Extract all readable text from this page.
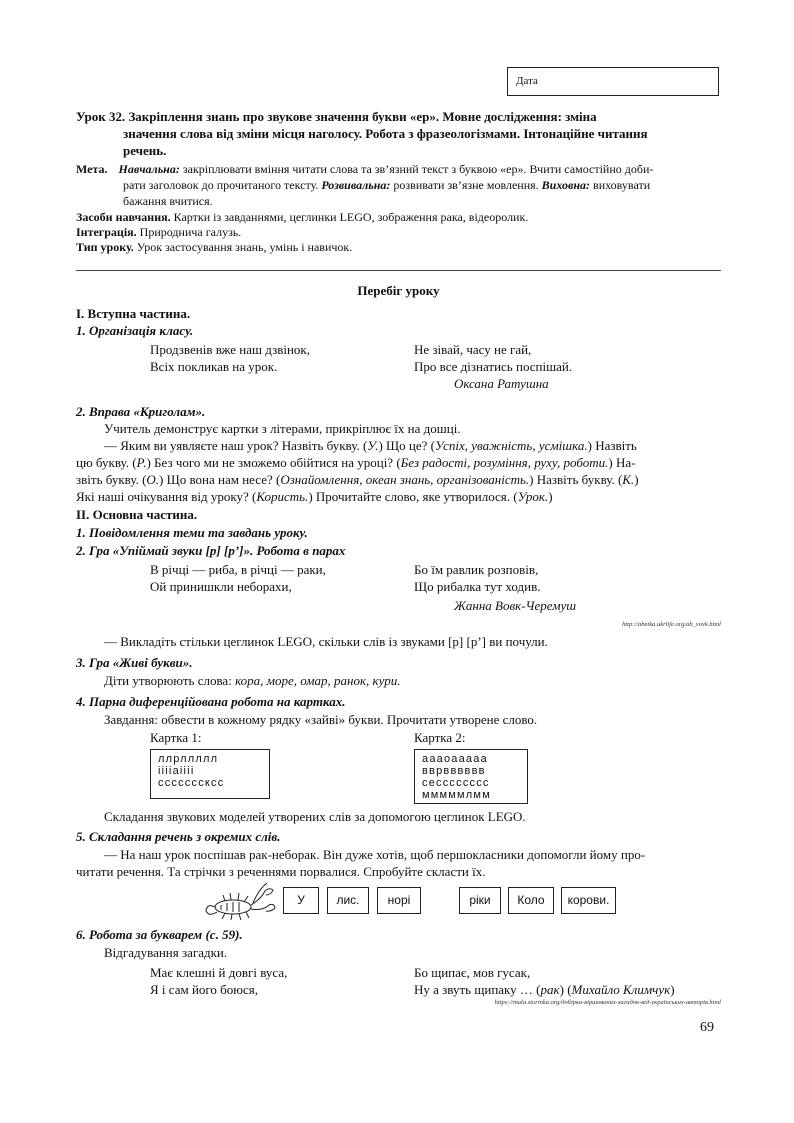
Дата
Урок 32. Закріплення знань про звукове значення букви «ер». Мовне дослідження: зміна
значення слова від зміни місця наголосу. Робота з фразеологізмами. Інтонаційне читання
речень.
Мета. Навчальна: закріплювати вміння читати слова та зв’язний текст з буквою «ер». Вчити самостійно доби-
рати заголовок до прочитаного тексту. Розвивальна: розвивати зв’язне мовлення. Виховна: виховувати
бажання вчитися.
Засоби навчання. Картки із завданнями, цеглинки LEGO, зображення рака, відеоролик.
Інтеграція. Природнича галузь.
Тип уроку. Урок застосування знань, умінь і навичок.
Перебіг уроку
I. Вступна частина.
1. Організація класу.
Продзвенів вже наш дзвінок,
Всіх покликав на урок.
Не зівай, часу не гай,
Про все дізнатись поспішай.
Оксана Ратушна
2. Вправа «Криголам».
Учитель демонструє картки з літерами, прикріплює їх на дошці.
— Яким ви уявляєте наш урок? Назвіть букву. (У.) Що це? (Успіх, уважність, усмішка.) Назвіть
цю букву. (Р.) Без чого ми не зможемо обійтися на уроці? (Без радості, розуміння, руху, роботи.) На-
звіть букву. (О.) Що вона нам несе? (Ознайомлення, океан знань, організованість.) Назвіть букву. (К.)
Які наші очікування від уроку? (Користь.) Прочитайте слово, яке утворилося. (Урок.)
II. Основна частина.
1. Повідомлення теми та завдань уроку.
2. Гра «Упіймай звуки [р] [р’]». Робота в парах
В річці — риба, в річці — раки,
Ой принишкли неборахи,
Бо їм равлик розповів,
Що рибалка тут ходив.
Жанна Вовк-Черемуш
http://abetka.ukrlife.org/ab_vovk.html
— Викладіть стільки цеглинок LEGO, скільки слів із звуками [р] [р’] ви почули.
3. Гра «Живі букви».
Діти утворюють слова: кора, море, омар, ранок, кури.
4. Парна диференційована робота на картках.
Завдання: обвести в кожному рядку «зайві» букви. Прочитати утворене слово.
Картка 1:	Картка 2:
ллрллллл
ііііаіііі
сссссссксс
аааоааааа
вврвввввв
сесссссссс
мммммлмм
Складання звукових моделей утворених слів за допомогою цеглинок LEGO.
5. Складання речень з окремих слів.
— На наш урок поспішав рак-неборак. Він дуже хотів, щоб першокласники допомогли йому про-
читати речення. Та стрічки з реченнями порвалися. Спробуйте скласти їх.
У	лис.	норі	ріки	Коло	корови.
6. Робота за букварем (с. 59).
Відгадування загадки.
Має клешні й довгі вуса,
Я і сам його боюся,
Бо щипає, мов гусак,
Ну а звуть щипаку … (рак) (Михайло Климчук)
https://mala.storinka.org/добірка-віршованих-загадок-від-українських-авторів.html
69
